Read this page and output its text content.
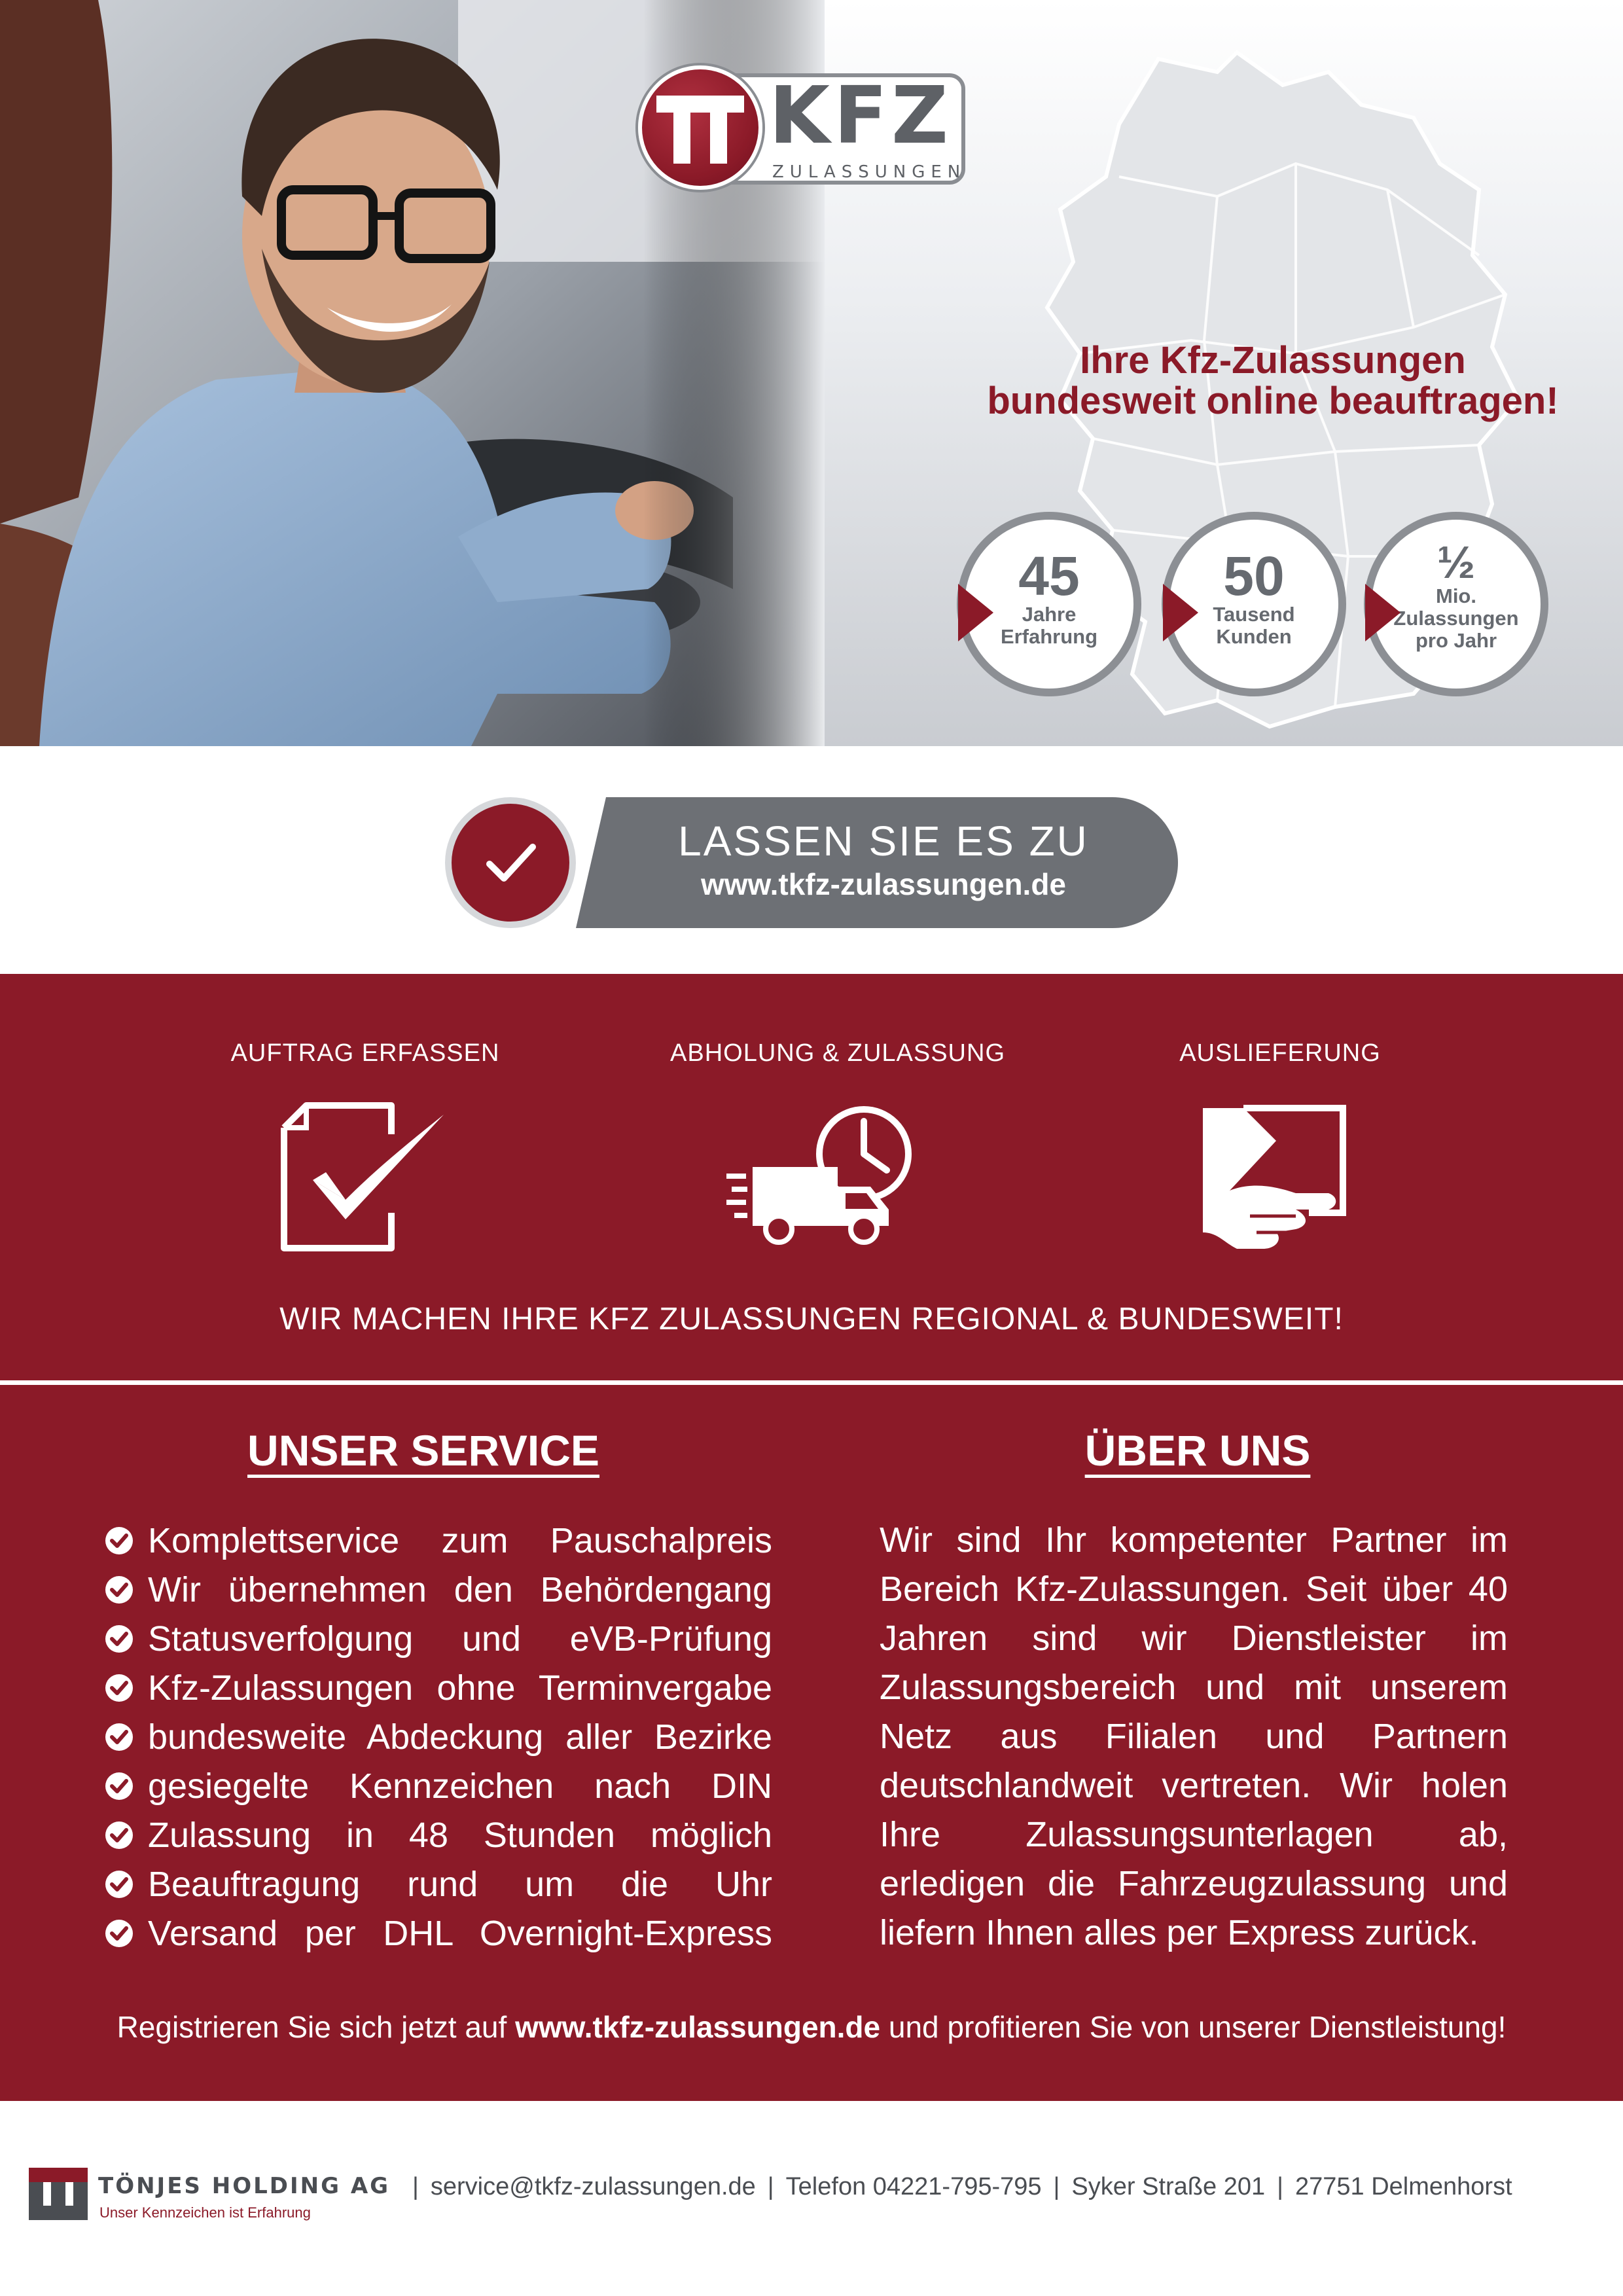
KFZ
ZULASSUNGEN
Ihre Kfz-Zulassungen
bundesweit online beauftragen!
45
Jahre
Erfahrung
50
Tausend
Kunden
½
Mio.
Zulassungen
pro Jahr
LASSEN SIE ES ZU
www.tkfz-zulassungen.de
AUFTRAG ERFASSEN	ABHOLUNG & ZULASSUNG	AUSLIEFERUNG
WIR MACHEN IHRE KFZ ZULASSUNGEN REGIONAL & BUNDESWEIT!
UNSER SERVICE	ÜBER UNS
Komplettservice zum Pauschalpreis
Wir übernehmen den Behördengang
Statusverfolgung und eVB-Prüfung
Kfz-Zulassungen ohne Terminvergabe
bundesweite Abdeckung aller Bezirke
gesiegelte Kennzeichen nach DIN
Zulassung in 48 Stunden möglich
Beauftragung rund um die Uhr
Versand per DHL Overnight-Express

Wir sind Ihr kompetenter Partner im Bereich Kfz-Zulassungen. Seit über 40 Jahren sind wir Dienstleister im Zulassungsbereich und mit unserem Netz aus Filialen und Partnern deutschlandweit vertreten. Wir holen Ihre Zulassungsunterlagen ab, erledigen die Fahrzeugzulassung und liefern Ihnen alles per Express zurück.

Registrieren Sie sich jetzt auf www.tkfz-zulassungen.de und profitieren Sie von unserer Dienstleistung!
TÖNJES HOLDING AG
Unser Kennzeichen ist Erfahrung
| service@tkfz-zulassungen.de | Telefon 04221-795-795 | Syker Straße 201 | 27751 Delmenhorst
